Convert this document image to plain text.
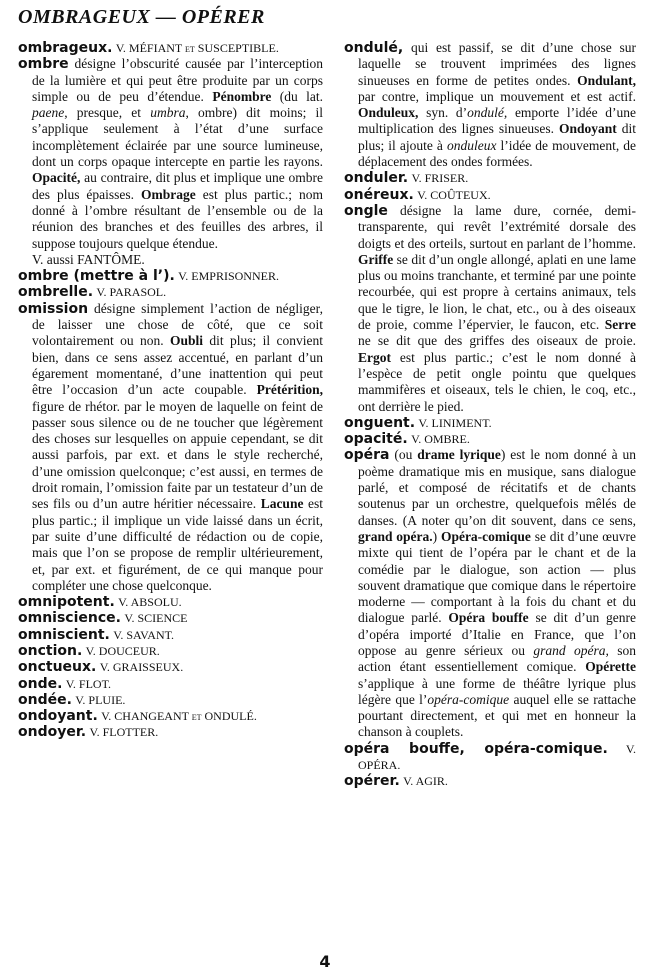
OMBRAGEUX — OPÉRER

ombrageux. V. MÉFIANT et SUSCEPTIBLE.

ombre désigne l’obscurité causée par l’interception de la lumière et qui peut être produite par un corps simple ou de peu d’étendue. Pénombre (du lat. paene, presque, et umbra, ombre) dit moins; il s’applique seulement à l’état d’une surface incomplètement éclairée par une source lumineuse, dont un corps opaque intercepte en partie les rayons. Opacité, au contraire, dit plus et implique une ombre des plus épaisses. Ombrage est plus partic.; nom donné à l’ombre résultant de l’ensemble ou de la réunion des branches et des feuilles des arbres, il suppose toujours quelque étendue.

V. aussi FANTÔME.

ombre (mettre à l’). V. EMPRISONNER.

ombrelle. V. PARASOL.

omission désigne simplement l’action de négliger, de laisser une chose de côté, que ce soit volontairement ou non. Oubli dit plus; il convient bien, dans ce sens assez accentué, en parlant d’un égarement momentané, d’une inattention qui peut être l’occasion d’un acte coupable. Prétérition, figure de rhétor. par le moyen de laquelle on feint de passer sous silence ou de ne toucher que légèrement des choses sur lesquelles on appuie cependant, se dit aussi parfois, par ext. et dans le style recherché, d’une omission quelconque; c’est aussi, en termes de droit romain, l’omission faite par un testateur d’un de ses fils ou d’un autre héritier nécessaire. Lacune est plus partic.; il implique un vide laissé dans un écrit, par suite d’une difficulté de rédaction ou de copie, mais que l’on se propose de remplir ultérieurement, et, par ext. et figurément, de ce qui manque pour compléter une chose quelconque.

omnipotent. V. ABSOLU.

omniscience. V. SCIENCE

omniscient. V. SAVANT.

onction. V. DOUCEUR.

onctueux. V. GRAISSEUX.

onde. V. FLOT.

ondée. V. PLUIE.

ondoyant. V. CHANGEANT et ONDULÉ.

ondoyer. V. FLOTTER.

ondulé, qui est passif, se dit d’une chose sur laquelle se trouvent imprimées des lignes sinueuses en forme de petites ondes. Ondulant, par contre, implique un mouvement et est actif. Onduleux, syn. d’ondulé, emporte l’idée d’une multiplication des lignes sinueuses. Ondoyant dit plus; il ajoute à onduleux l’idée de mouvement, de déplacement des ondes formées.

onduler. V. FRISER.

onéreux. V. COÛTEUX.

ongle désigne la lame dure, cornée, demi-transparente, qui revêt l’extrémité dorsale des doigts et des orteils, surtout en parlant de l’homme. Griffe se dit d’un ongle allongé, aplati en une lame plus ou moins tranchante, et terminé par une pointe recourbée, qui est propre à certains animaux, tels que le tigre, le lion, le chat, etc., ou à des oiseaux de proie, comme l’épervier, le faucon, etc. Serre ne se dit que des griffes des oiseaux de proie. Ergot est plus partic.; c’est le nom donné à l’espèce de petit ongle pointu que quelques mammifères et oiseaux, tels le chien, le coq, etc., ont derrière le pied.

onguent. V. LINIMENT.

opacité. V. OMBRE.

opéra (ou drame lyrique) est le nom donné à un poème dramatique mis en musique, sans dialogue parlé, et composé de récitatifs et de chants soutenus par un orchestre, quelquefois mêlés de danses. (A noter qu’on dit souvent, dans ce sens, grand opéra.) Opéra-comique se dit d’une œuvre mixte qui tient de l’opéra par le chant et de la comédie par le dialogue, son action — plus souvent dramatique que comique dans le répertoire moderne — comportant à la fois du chant et du dialogue parlé. Opéra bouffe se dit d’un genre d’opéra importé d’Italie en France, que l’on oppose au genre sérieux ou grand opéra, son action étant essentiellement comique. Opérette s’applique à une forme de théâtre lyrique plus légère que l’opéra-comique auquel elle se rattache pourtant directement, et qui met en honneur la chanson à couplets.

opéra bouffe, opéra-comique. V. OPÉRA.

opérer. V. AGIR.

4
